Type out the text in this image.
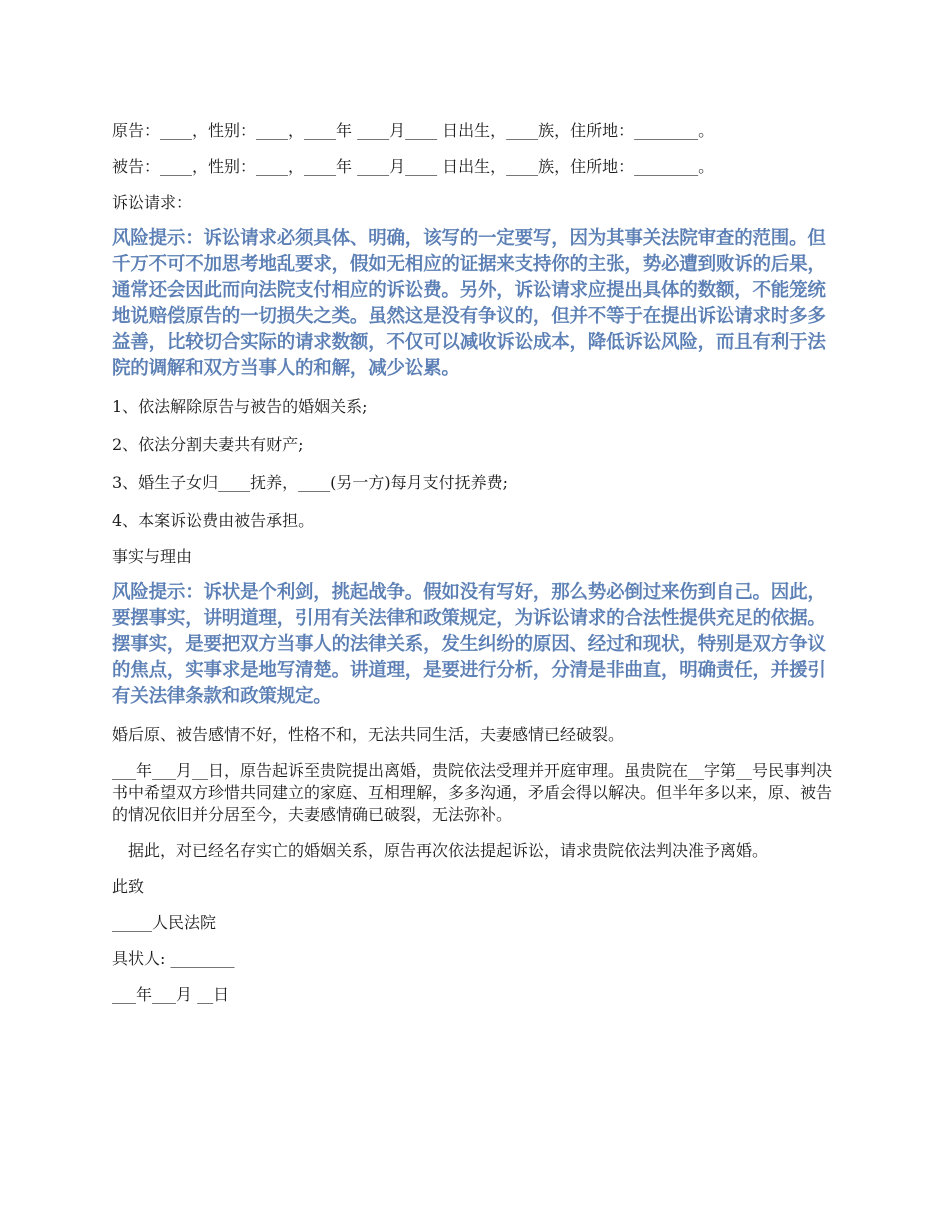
原告：____，性别：____，____年 ____月____ 日出生，____族，住所地：________。

被告：____，性别：____，____年 ____月____ 日出生，____族，住所地：________。

诉讼请求：

风险提示：诉讼请求必须具体、明确，该写的一定要写，因为其事关法院审查的范围。但千万不可不加思考地乱要求，假如无相应的证据来支持你的主张，势必遭到败诉的后果，通常还会因此而向法院支付相应的诉讼费。另外，诉讼请求应提出具体的数额，不能笼统地说赔偿原告的一切损失之类。虽然这是没有争议的，但并不等于在提出诉讼请求时多多益善，比较切合实际的请求数额，不仅可以减收诉讼成本，降低诉讼风险，而且有利于法院的调解和双方当事人的和解，减少讼累。

1、依法解除原告与被告的婚姻关系;

2、依法分割夫妻共有财产;

3、婚生子女归____抚养，____(另一方)每月支付抚养费;

4、本案诉讼费由被告承担。

事实与理由

风险提示：诉状是个利剑，挑起战争。假如没有写好，那么势必倒过来伤到自己。因此，要摆事实，讲明道理，引用有关法律和政策规定，为诉讼请求的合法性提供充足的依据。摆事实，是要把双方当事人的法律关系，发生纠纷的原因、经过和现状，特别是双方争议的焦点，实事求是地写清楚。讲道理，是要进行分析，分清是非曲直，明确责任，并援引有关法律条款和政策规定。

婚后原、被告感情不好，性格不和，无法共同生活，夫妻感情已经破裂。

___年___月__日，原告起诉至贵院提出离婚，贵院依法受理并开庭审理。虽贵院在__字第__号民事判决书中希望双方珍惜共同建立的家庭、互相理解，多多沟通，矛盾会得以解决。但半年多以来，原、被告的情况依旧并分居至今，夫妻感情确已破裂，无法弥补。

据此，对已经名存实亡的婚姻关系，原告再次依法提起诉讼，请求贵院依法判决准予离婚。

此致

_____人民法院

具状人: ________

___年___月 __日
